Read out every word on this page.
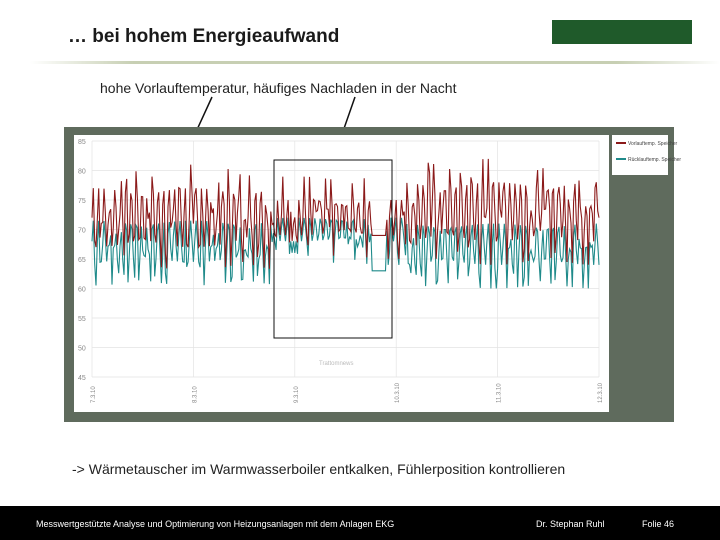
… bei hohem Energieaufwand
hohe Vorlauftemperatur, häufiges Nachladen in der Nacht
85
80
75
70
65
60
55
50
45
7.3.10	8.3.10	9.3.10	10.3.10	11.3.10	12.3.10
Trattomnews
Vorlauftemp. Speicher
Rücklauftemp. Speicher
-> Wärmetauscher im Warmwasserboiler entkalken, Fühlerposition kontrollieren
Messwertgestützte Analyse und Optimierung von Heizungsanlagen mit dem Anlagen EKG	Dr. Stephan Ruhl	Folie 46
